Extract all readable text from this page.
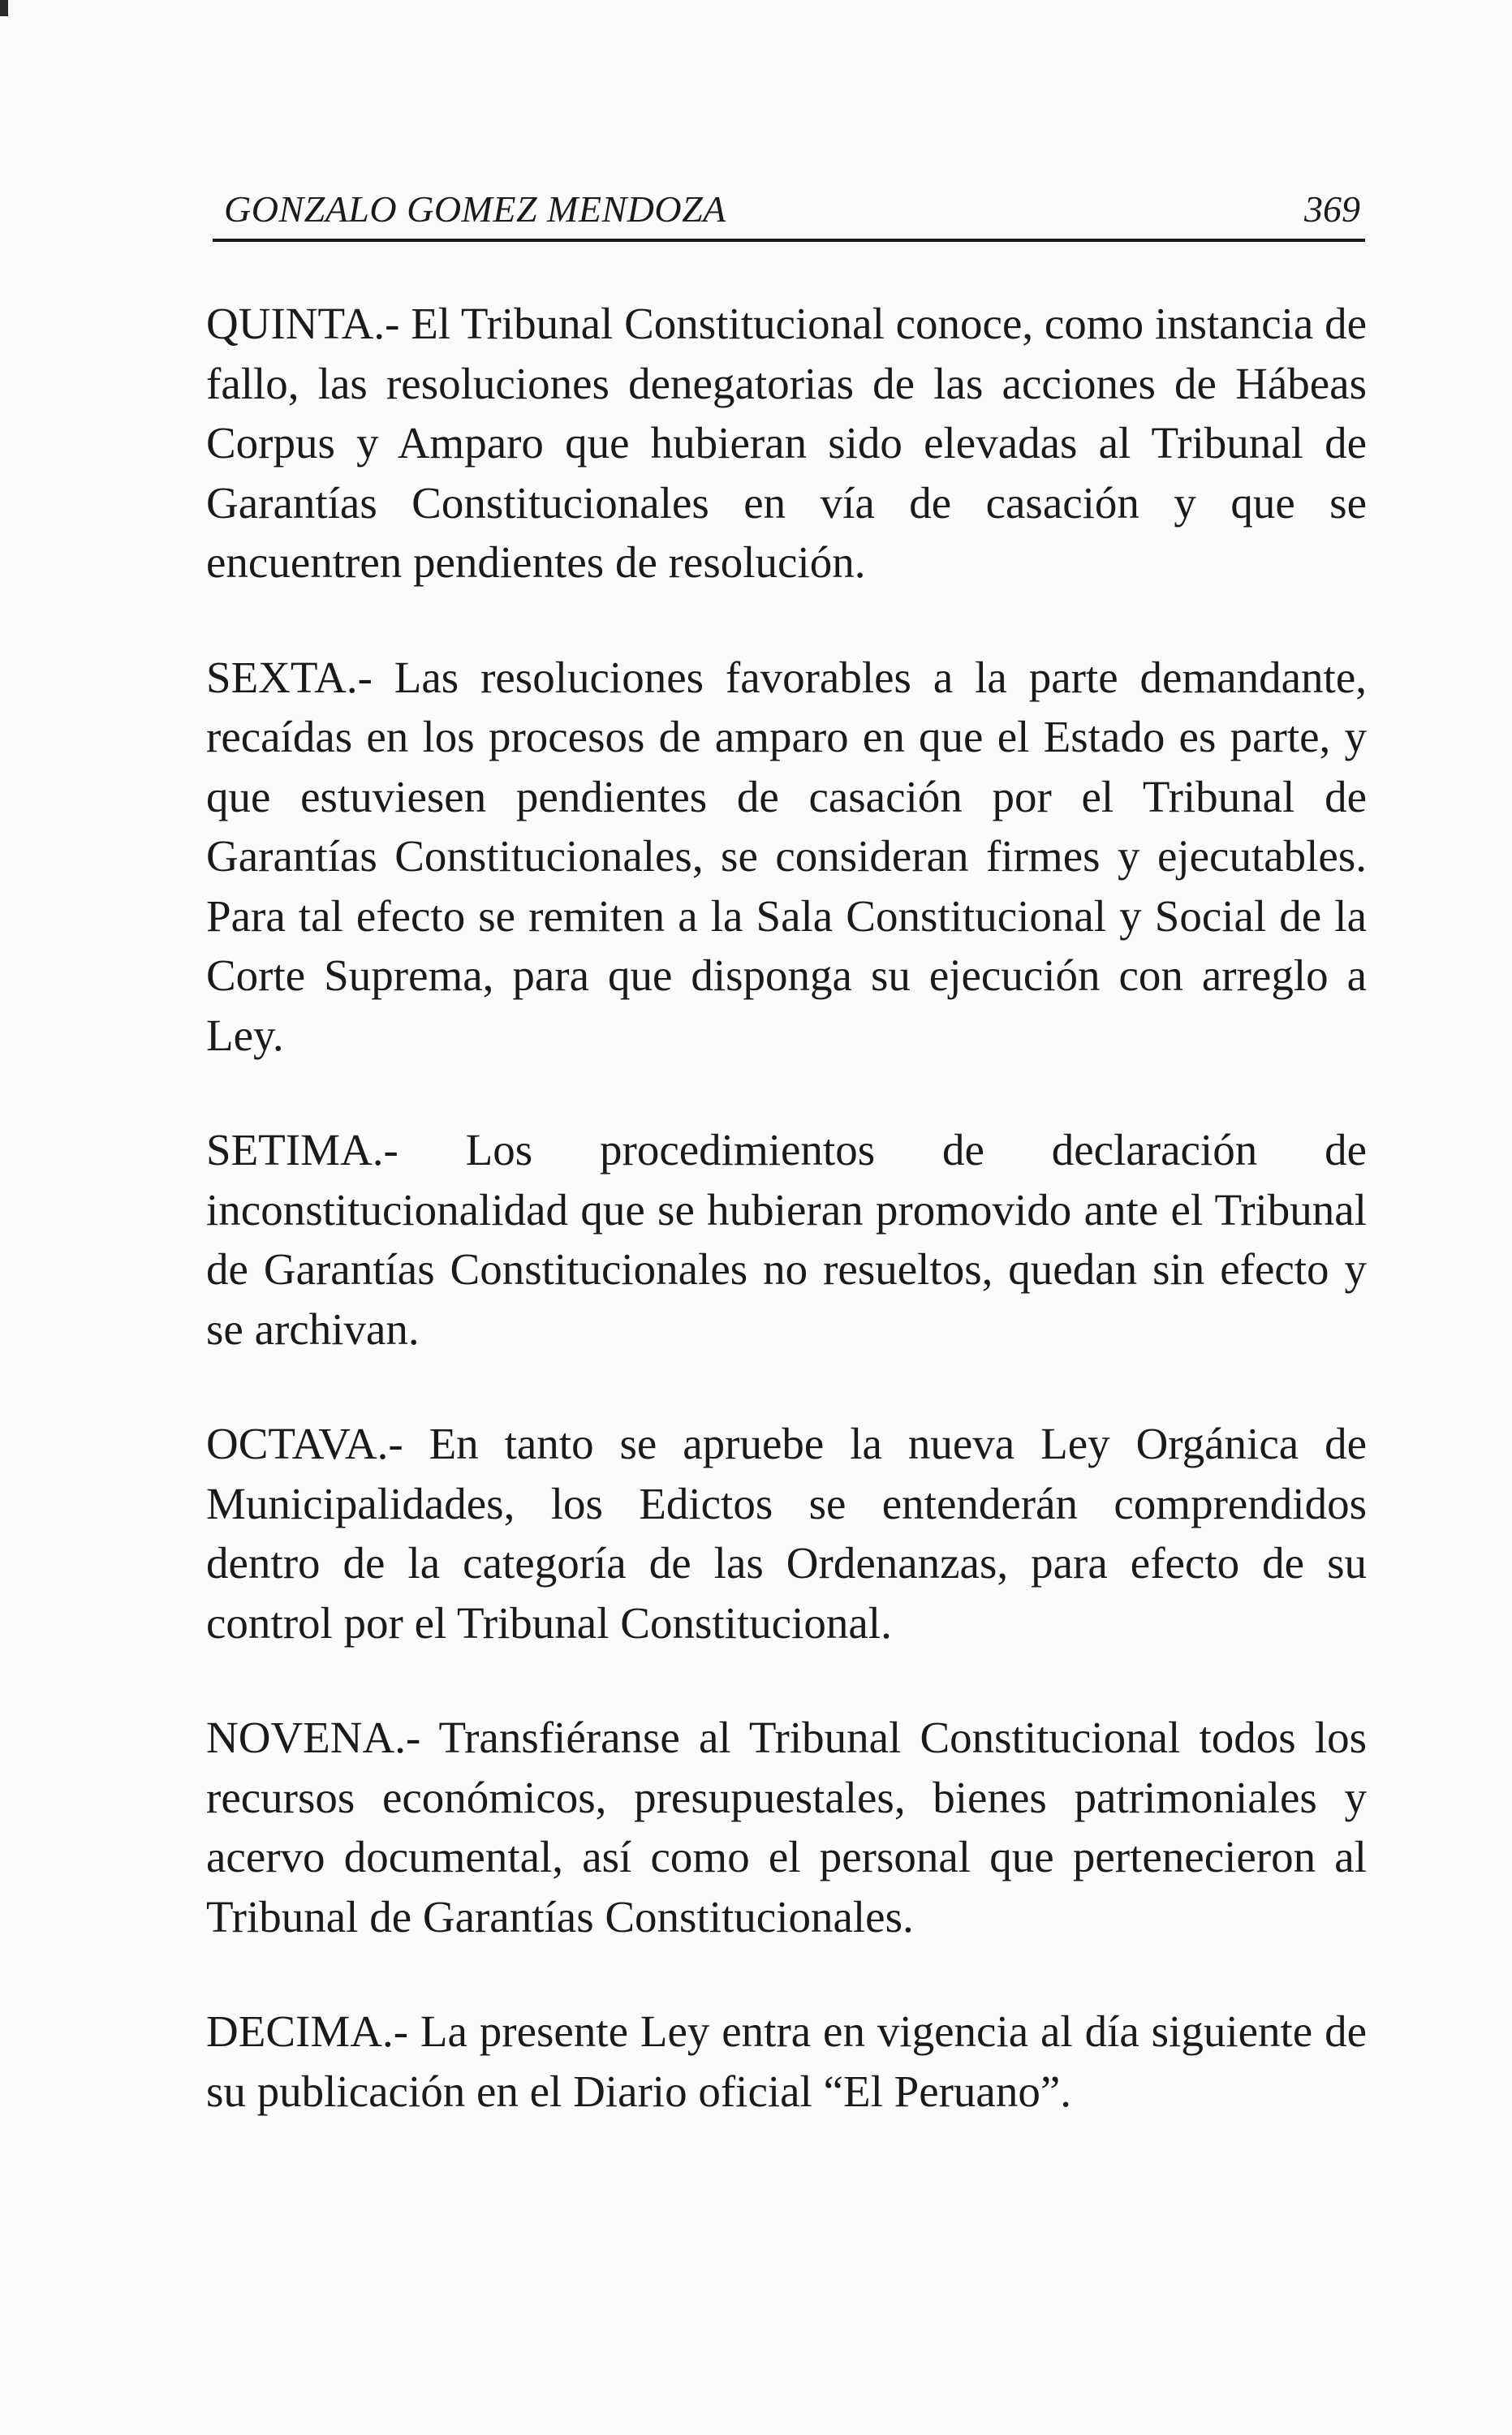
GONZALO GOMEZ MENDOZA	369

QUINTA.- El Tribunal Constitucional conoce, como instancia de fallo, las resoluciones denegatorias de las acciones de Hábeas Corpus y Amparo que hubieran sido elevadas al Tribunal de Garantías Constitucionales en vía de casación y que se encuentren pendientes de resolución.

SEXTA.- Las resoluciones favorables a la parte demandante, recaídas en los procesos de amparo en que el Estado es parte, y que estuviesen pendientes de casación por el Tribunal de Garantías Constitucionales, se consideran firmes y ejecutables. Para tal efecto se remiten a la Sala Constitucional y Social de la Corte Suprema, para que disponga su ejecución con arreglo a Ley.

SETIMA.- Los procedimientos de declaración de inconstitucionalidad que se hubieran promovido ante el Tribunal de Garantías Constitucionales no resueltos, quedan sin efecto y se archivan.

OCTAVA.- En tanto se apruebe la nueva Ley Orgánica de Municipalidades, los Edictos se entenderán comprendidos dentro de la categoría de las Ordenanzas, para efecto de su control por el Tribunal Constitucional.

NOVENA.- Transfiéranse al Tribunal Constitucional todos los recursos económicos, presupuestales, bienes patrimoniales y acervo documental, así como el personal que pertenecieron al Tribunal de Garantías Constitucionales.

DECIMA.- La presente Ley entra en vigencia al día siguiente de su publicación en el Diario oficial “El Peruano”.
